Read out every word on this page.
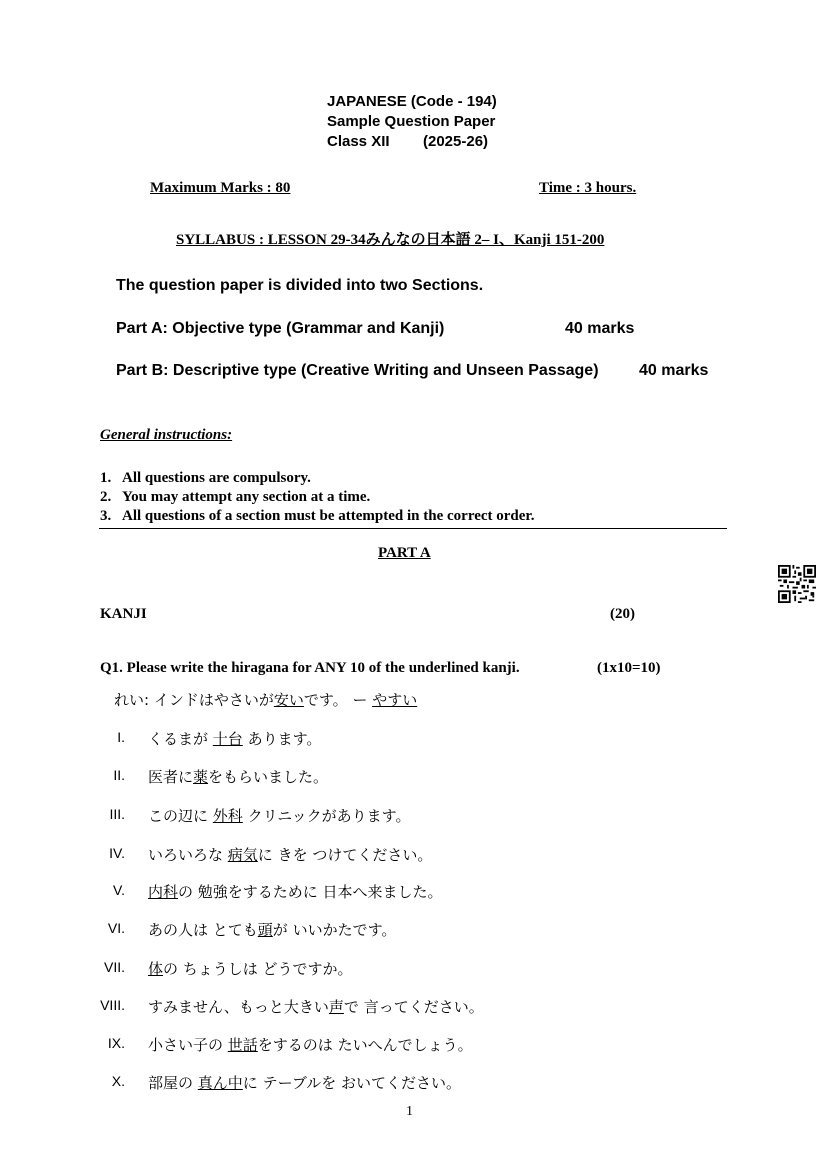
JAPANESE (Code - 194)
Sample Question Paper
Class XII (2025-26)
Maximum Marks : 80	Time : 3 hours.
SYLLABUS : LESSON 29-34みんなの日本語 2– I、Kanji 151-200
The question paper is divided into two Sections.
Part A: Objective type (Grammar and Kanji)	40 marks
Part B: Descriptive type (Creative Writing and Unseen Passage)	40 marks
General instructions:
1. All questions are compulsory.
2. You may attempt any section at a time.
3. All questions of a section must be attempted in the correct order.
PART A
KANJI	(20)
Q1. Please write the hiragana for ANY 10 of the underlined kanji.	(1x10=10)
れい: インドはやさいが安いです。 ー やすい
I. くるまが 十台 あります。
II. 医者に薬をもらいました。
III. この辺に 外科 クリニックがあります。
IV. いろいろな 病気に きを つけてください。
V. 内科の 勉強をするために 日本へ来ました。
VI. あの人は とても頭が いいかたです。
VII. 体の ちょうしは どうですか。
VIII. すみません、もっと大きい声で 言ってください。
IX. 小さい子の 世話をするのは たいへんでしょう。
X. 部屋の 真ん中に テーブルを おいてください。
1
